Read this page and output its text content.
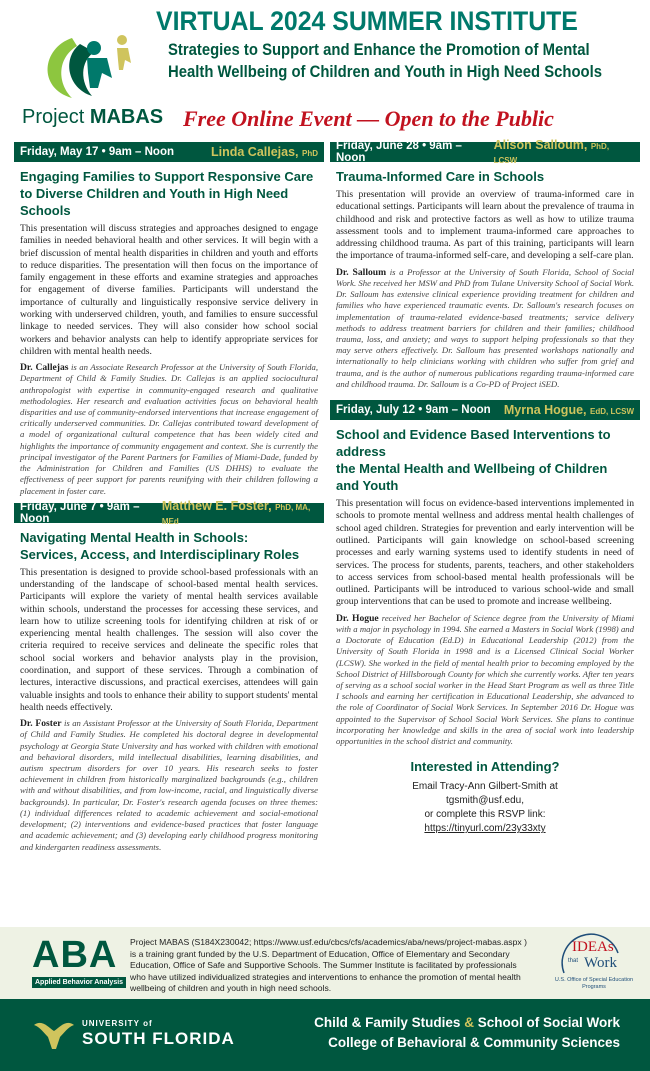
Project MABAS
VIRTUAL 2024 SUMMER INSTITUTE
Strategies to Support and Enhance the Promotion of Mental
Health Wellbeing of Children and Youth in High Need Schools
Free Online Event — Open to the Public
Friday, May 17 • 9am – Noon	Linda Callejas, PhD
Engaging Families to Support Responsive Care
to Diverse Children and Youth in High Need Schools

This presentation will discuss strategies and approaches designed to engage families in needed behavioral health and other services. It will begin with a brief discussion of mental health disparities in children and youth and efforts to reduce disparities. The presentation will then focus on the importance of family engagement in these efforts and examine strategies and approaches for engagement of diverse families. Participants will understand the importance of culturally and linguistically responsive service delivery in working with underserved children, youth, and families to ensure successful linkage to needed services. They will also consider how school social workers and behavior analysts can help to identify appropriate services for children with mental health needs.

Dr. Callejas is an Associate Research Professor at the University of South Florida, Department of Child & Family Studies. Dr. Callejas is an applied sociocultural anthropologist with expertise in community-engaged research and qualitative methodologies. Her research and evaluation activities focus on behavioral health disparities and use of community-endorsed interventions that increase engagement of critically underserved communities. Dr. Callejas contributed toward development of a model of organizational cultural competence that has been widely cited and highlights the importance of community engagement and context. She is currently the principal investigator of the Parent Partners for Families of Miami-Dade, funded by the Administration for Children and Families (US DHHS) to evaluate the effectiveness of peer support for parents reunifying with their children following a placement in foster care.

Friday, June 7 • 9am – Noon
Matthew E. Foster, PhD, MA, MEd
Navigating Mental Health in Schools:
Services, Access, and Interdisciplinary Roles

This presentation is designed to provide school-based professionals with an understanding of the landscape of school-based mental health services. Participants will explore the variety of mental health services available within schools, understand the processes for accessing these services, and learn how to utilize screening tools for identifying children at risk of or experiencing mental health challenges. The session will also cover the criteria required to receive services and delineate the specific roles that school social workers and behavior analysts play in the provision, coordination, and support of these services. Through a combination of lectures, interactive discussions, and practical exercises, attendees will gain valuable insights and tools to enhance their ability to support students' mental health needs effectively.

Dr. Foster is an Assistant Professor at the University of South Florida, Department of Child and Family Studies. He completed his doctoral degree in developmental psychology at Georgia State University and has worked with children with emotional and behavioral disorders, mild intellectual disabilities, learning disabilities, and autism spectrum disorders for over 10 years. His research seeks to foster achievement in children from historically marginalized backgrounds (e.g., children with and without disabilities, and from low-income, racial, and linguistically diverse backgrounds). In particular, Dr. Foster's research agenda focuses on three themes: (1) individual differences related to academic achievement and social-emotional development; (2) interventions and evidence-based practices that foster language and academic achievement; and (3) developing early childhood progress monitoring and kindergarten readiness assessments.

Friday, June 28 • 9am – Noon
Alison Salloum, PhD, LCSW
Trauma-Informed Care in Schools

This presentation will provide an overview of trauma-informed care in educational settings. Participants will learn about the prevalence of trauma in childhood and risk and protective factors as well as how to utilize trauma assessment tools and to implement trauma-informed care approaches to addressing childhood trauma. As part of this training, participants will learn the importance of trauma-informed self-care, and developing a self-care plan.

Dr. Salloum is a Professor at the University of South Florida, School of Social Work. She received her MSW and PhD from Tulane University School of Social Work. Dr. Salloum has extensive clinical experience providing treatment for children and families who have experienced traumatic events. Dr. Salloum's research focuses on implementation of trauma-related evidence-based treatments; service delivery methods to address treatment barriers for children and their families; childhood trauma, loss, and anxiety; and ways to support helping professionals so that they may serve others effectively. Dr. Salloum has presented workshops nationally and internationally to help clinicians working with children who suffer from grief and trauma, and is the author of numerous publications regarding trauma-informed care and childhood trauma. Dr. Salloum is a Co-PD of Project iSED.

Friday, July 12 • 9am – Noon Myrna Hogue, EdD, LCSW
School and Evidence Based Interventions to address
the Mental Health and Wellbeing of Children and Youth

This presentation will focus on evidence-based interventions implemented in schools to promote mental wellness and address mental health challenges of school aged children. Strategies for prevention and early intervention will be outlined. Participants will gain knowledge on school-based screening processes and early warning systems used to identify students in need of services. The process for students, parents, teachers, and other stakeholders to access services from school-based mental health professionals will be outlined. Participants will be introduced to various school-wide and small group interventions that can be used to promote and increase wellbeing.

Dr. Hogue received her Bachelor of Science degree from the University of Miami with a major in psychology in 1994. She earned a Masters in Social Work (1998) and a Doctorate of Education (Ed.D) in Educational Leadership (2012) from the University of South Florida in 1998 and is a Licensed Clinical Social Worker (LCSW). She worked in the field of mental health prior to becoming employed by the School District of Hillsborough County for which she currently works. After ten years of serving as a school social worker in the Head Start Program as well as three Title I schools and earning her certification in Educational Leadership, she advanced to the role of Coordinator of Social Work Services. In September 2016 Dr. Hogue was appointed to the Supervisor of School Social Work Services. She plans to continue incorporating her knowledge and skills in the area of social work into leadership opportunities in the school district and community.

Interested in Attending?
Email Tracy-Ann Gilbert-Smith at
tgsmith@usf.edu,
or complete this RSVP link:
https://tinyurl.com/23y33xty
ABA
Applied Behavior Analysis
Project MABAS (S184X230042; https://www.usf.edu/cbcs/cfs/academics/aba/news/project-mabas.aspx ) is a training grant funded by the U.S. Department of Education, Office of Elementary and Secondary Education, Office of Safe and Supportive Schools. The Summer Institute is facilitated by professionals who have utilized individualized strategies and interventions to enhance the promotion of mental health wellbeing of children and youth in high need schools.
IDEAs
that Work
U.S. Office of Special Education Programs
UNIVERSITY of
SOUTH FLORIDA
Child & Family Studies & School of Social Work
College of Behavioral & Community Sciences
